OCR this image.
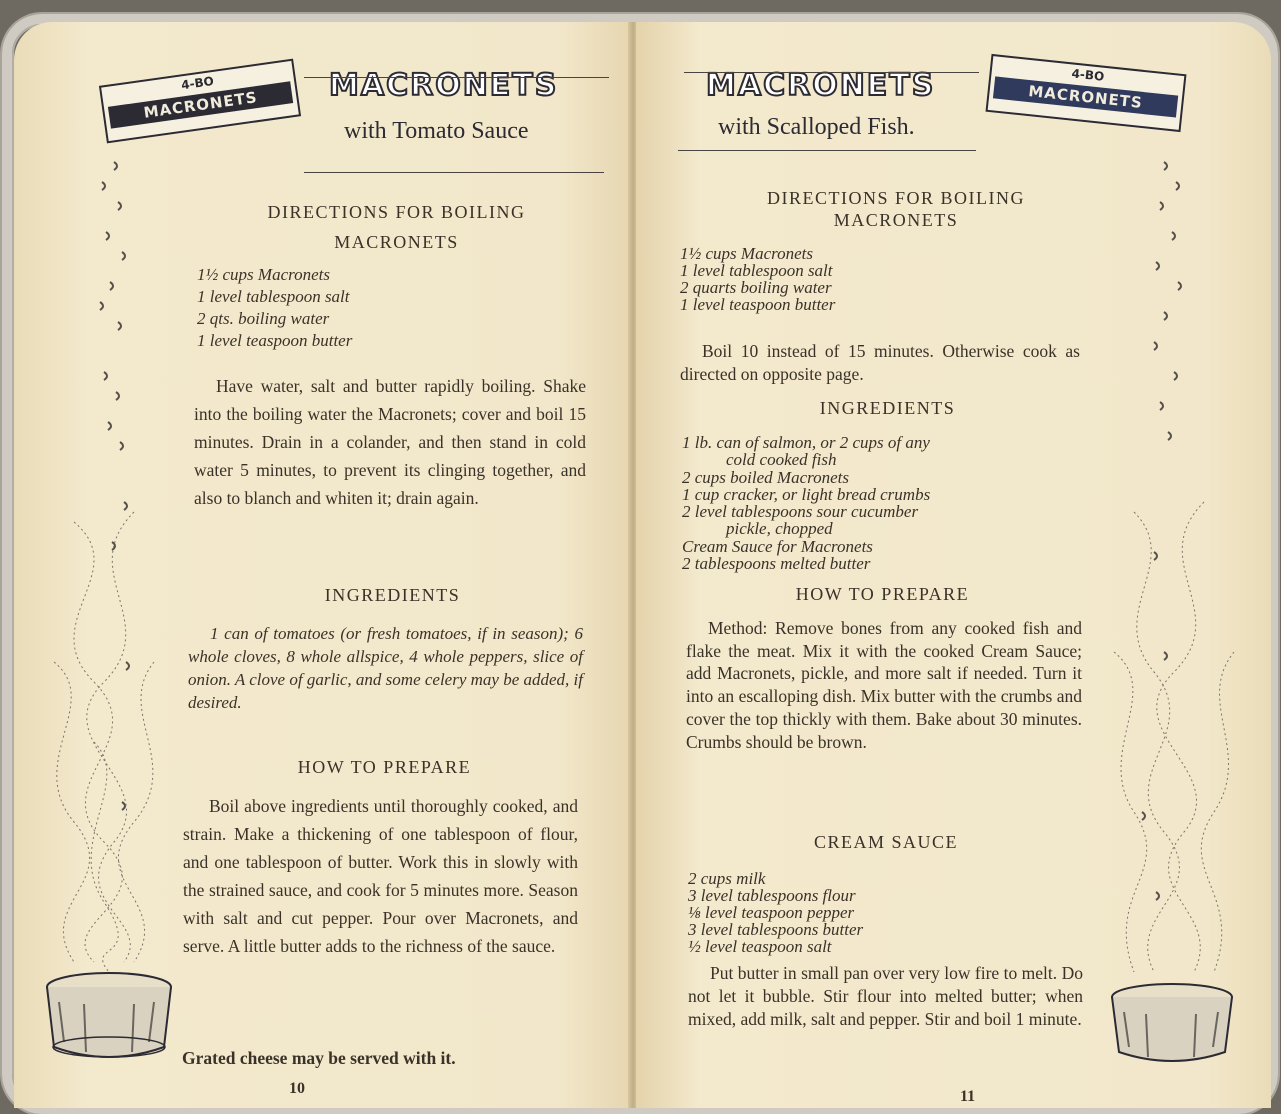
4-BO
MACRONETS
MACRONETS
with Tomato Sauce
DIRECTIONS FOR BOILING
MACRONETS
1½ cups Macronets
1 level tablespoon salt
2 qts. boiling water
1 level teaspoon butter
Have water, salt and butter rapidly boiling. Shake into the boiling water the Macronets; cover and boil 15 minutes. Drain in a colander, and then stand in cold water 5 minutes, to prevent its clinging together, and also to blanch and whiten it; drain again.
INGREDIENTS
1 can of tomatoes (or fresh tomatoes, if in season); 6 whole cloves, 8 whole allspice, 4 whole peppers, slice of onion. A clove of garlic, and some celery may be added, if desired.
HOW TO PREPARE
Boil above ingredients until thoroughly cooked, and strain. Make a thickening of one tablespoon of flour, and one tablespoon of butter. Work this in slowly with the strained sauce, and cook for 5 minutes more. Season with salt and cut pepper. Pour over Macronets, and serve. A little butter adds to the richness of the sauce.
Grated cheese may be served with it.
10
MACRONETS
with Scalloped Fish.
4-BO
MACRONETS
DIRECTIONS FOR BOILING
MACRONETS
1½ cups Macronets
1 level tablespoon salt
2 quarts boiling water
1 level teaspoon butter
Boil 10 instead of 15 minutes. Otherwise cook as directed on opposite page.
INGREDIENTS
1 lb. can of salmon, or 2 cups of any
cold cooked fish
2 cups boiled Macronets
1 cup cracker, or light bread crumbs
2 level tablespoons sour cucumber
pickle, chopped
Cream Sauce for Macronets
2 tablespoons melted butter
HOW TO PREPARE
Method: Remove bones from any cooked fish and flake the meat. Mix it with the cooked Cream Sauce; add Macronets, pickle, and more salt if needed. Turn it into an escalloping dish. Mix butter with the crumbs and cover the top thickly with them. Bake about 30 minutes. Crumbs should be brown.
CREAM SAUCE
2 cups milk
3 level tablespoons flour
⅛ level teaspoon pepper
3 level tablespoons butter
½ level teaspoon salt
Put butter in small pan over very low fire to melt. Do not let it bubble. Stir flour into melted butter; when mixed, add milk, salt and pepper. Stir and boil 1 minute.
11
